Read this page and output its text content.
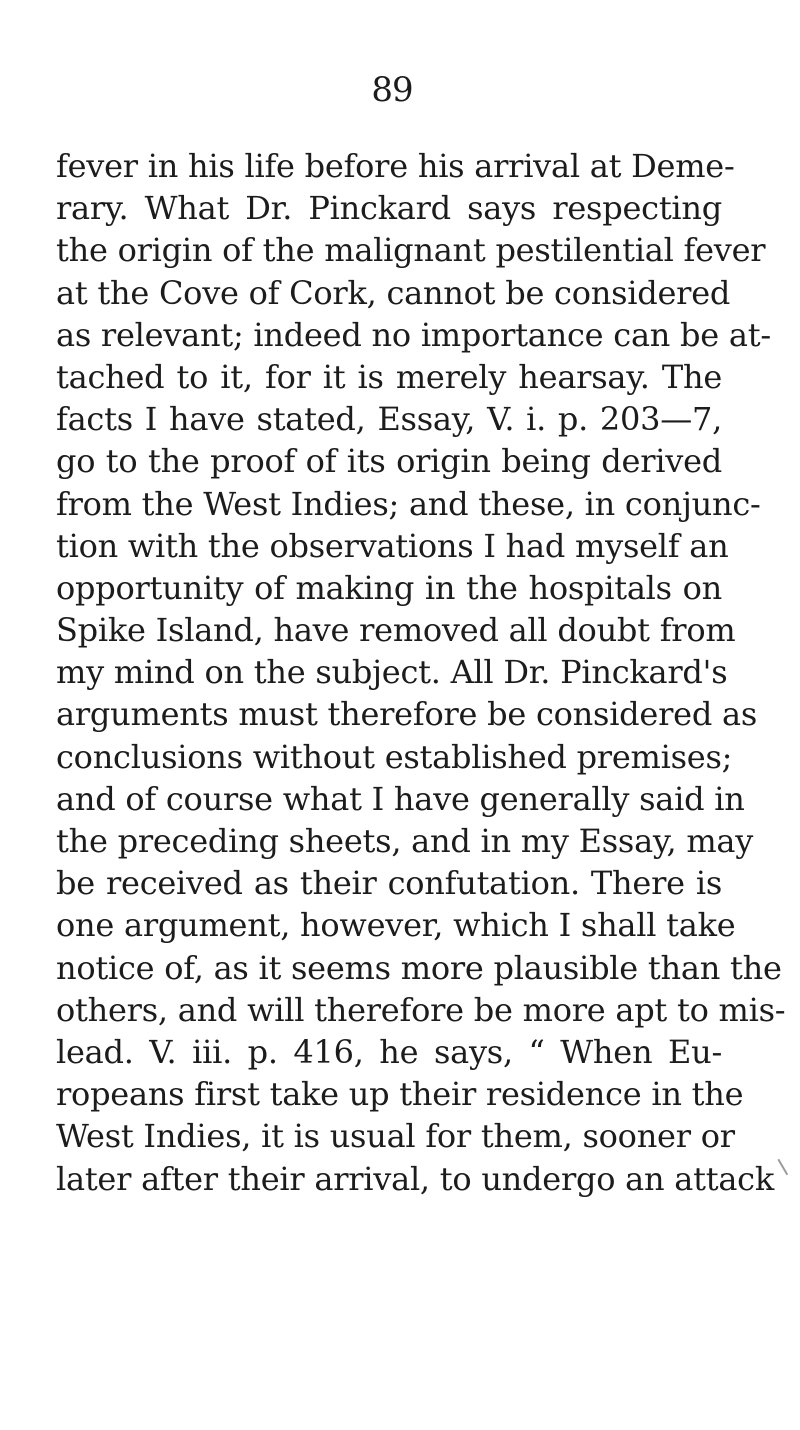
89
fever in his life before his arrival at Deme-
rary. What Dr. Pinckard says respecting
the origin of the malignant pestilential fever
at the Cove of Cork, cannot be considered
as relevant; indeed no importance can be at-
tached to it, for it is merely hearsay. The
facts I have stated, Essay, V. i. p. 203—7,
go to the proof of its origin being derived
from the West Indies; and these, in conjunc-
tion with the observations I had myself an
opportunity of making in the hospitals on
Spike Island, have removed all doubt from
my mind on the subject. All Dr. Pinckard's
arguments must therefore be considered as
conclusions without established premises;
and of course what I have generally said in
the preceding sheets, and in my Essay, may
be received as their confutation. There is
one argument, however, which I shall take
notice of, as it seems more plausible than the
others, and will therefore be more apt to mis-
lead. V. iii. p. 416, he says, “ When Eu-
ropeans first take up their residence in the
West Indies, it is usual for them, sooner or
later after their arrival, to undergo an attack
